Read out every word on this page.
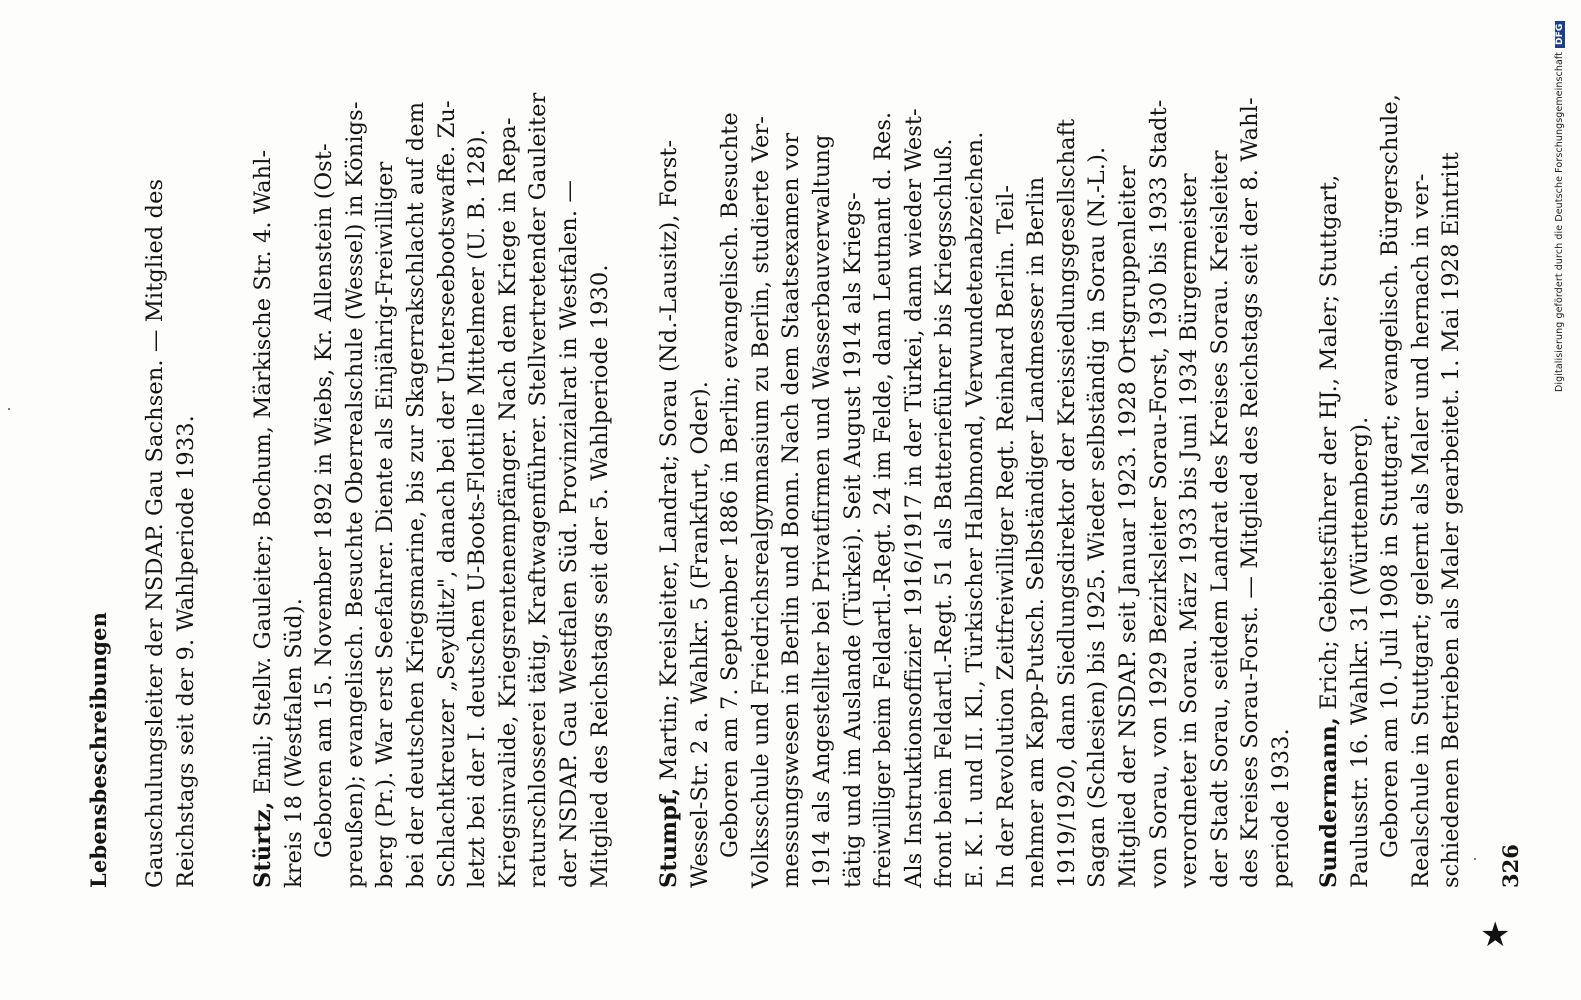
Lebensbeschreibungen Gauschulungsleiter der NSDAP. Gau Sachsen. — Mitglied des Reichstags seit der 9. Wahlperiode 1933. Stürtz, Emil; Stellv. Gauleiter; Bochum, Märkische Str. 4. Wahl- kreis 18 (Westfalen Süd). Geboren am 15. November 1892 in Wiebs, Kr. Allenstein (Ost- preußen); evangelisch. Besuchte Oberrealschule (Wessel) in Königs- berg (Pr.). War erst Seefahrer. Diente als Einjährig-Freiwilliger bei der deutschen Kriegsmarine, bis zur Skagerrakschlacht auf dem Schlachtkreuzer „Seydlitz", danach bei der Unterseebootswaffe. Zu- letzt bei der I. deutschen U-Boots-Flottille Mittelmeer (U. B. 128). Kriegsinvalide, Kriegsrentenempfänger. Nach dem Kriege in Repa- raturschlosserei tätig, Kraftwagenführer. Stellvertretender Gauleiter der NSDAP. Gau Westfalen Süd. Provinzialrat in Westfalen. — Mitglied des Reichstags seit der 5. Wahlperiode 1930. Stumpf, Martin; Kreisleiter, Landrat; Sorau (Nd.-Lausitz), Forst- Wessel-Str. 2 a. Wahlkr. 5 (Frankfurt, Oder). Geboren am 7. September 1886 in Berlin; evangelisch. Besuchte Volksschule und Friedrichsrealgymnasium zu Berlin, studierte Ver- messungswesen in Berlin und Bonn. Nach dem Staatsexamen vor 1914 als Angestellter bei Privatfirmen und Wasserbauverwaltung tätig und im Auslande (Türkei). Seit August 1914 als Kriegs- freiwilliger beim Feldartl.-Regt. 24 im Felde, dann Leutnant d. Res. Als Instruktionsoffizier 1916/1917 in der Türkei, dann wieder West- front beim Feldartl.-Regt. 51 als Batterieführer bis Kriegsschluß. E. K. I. und II. Kl., Türkischer Halbmond, Verwundetenabzeichen. In der Revolution Zeitfreiwilliger Regt. Reinhard Berlin. Teil- nehmer am Kapp-Putsch. Selbständiger Landmesser in Berlin 1919/1920, dann Siedlungsdirektor der Kreissiedlungsgesellschaft Sagan (Schlesien) bis 1925. Wieder selbständig in Sorau (N.-L.). Mitglied der NSDAP. seit Januar 1923. 1928 Ortsgruppenleiter von Sorau, von 1929 Bezirksleiter Sorau-Forst, 1930 bis 1933 Stadt- verordneter in Sorau. März 1933 bis Juni 1934 Bürgermeister der Stadt Sorau, seitdem Landrat des Kreises Sorau. Kreisleiter des Kreises Sorau-Forst. — Mitglied des Reichstags seit der 8. Wahl- periode 1933. Sundermann, Erich; Gebietsführer der HJ., Maler; Stuttgart, Paulusstr. 16. Wahlkr. 31 (Württemberg). Geboren am 10. Juli 1908 in Stuttgart; evangelisch. Bürgerschule, Realschule in Stuttgart; gelernt als Maler und hernach in ver- schiedenen Betrieben als Maler gearbeitet. 1. Mai 1928 Eintritt 326
★
Digitalisierung gefördert durch die Deutsche ForschungsgemeinschaftDFG
